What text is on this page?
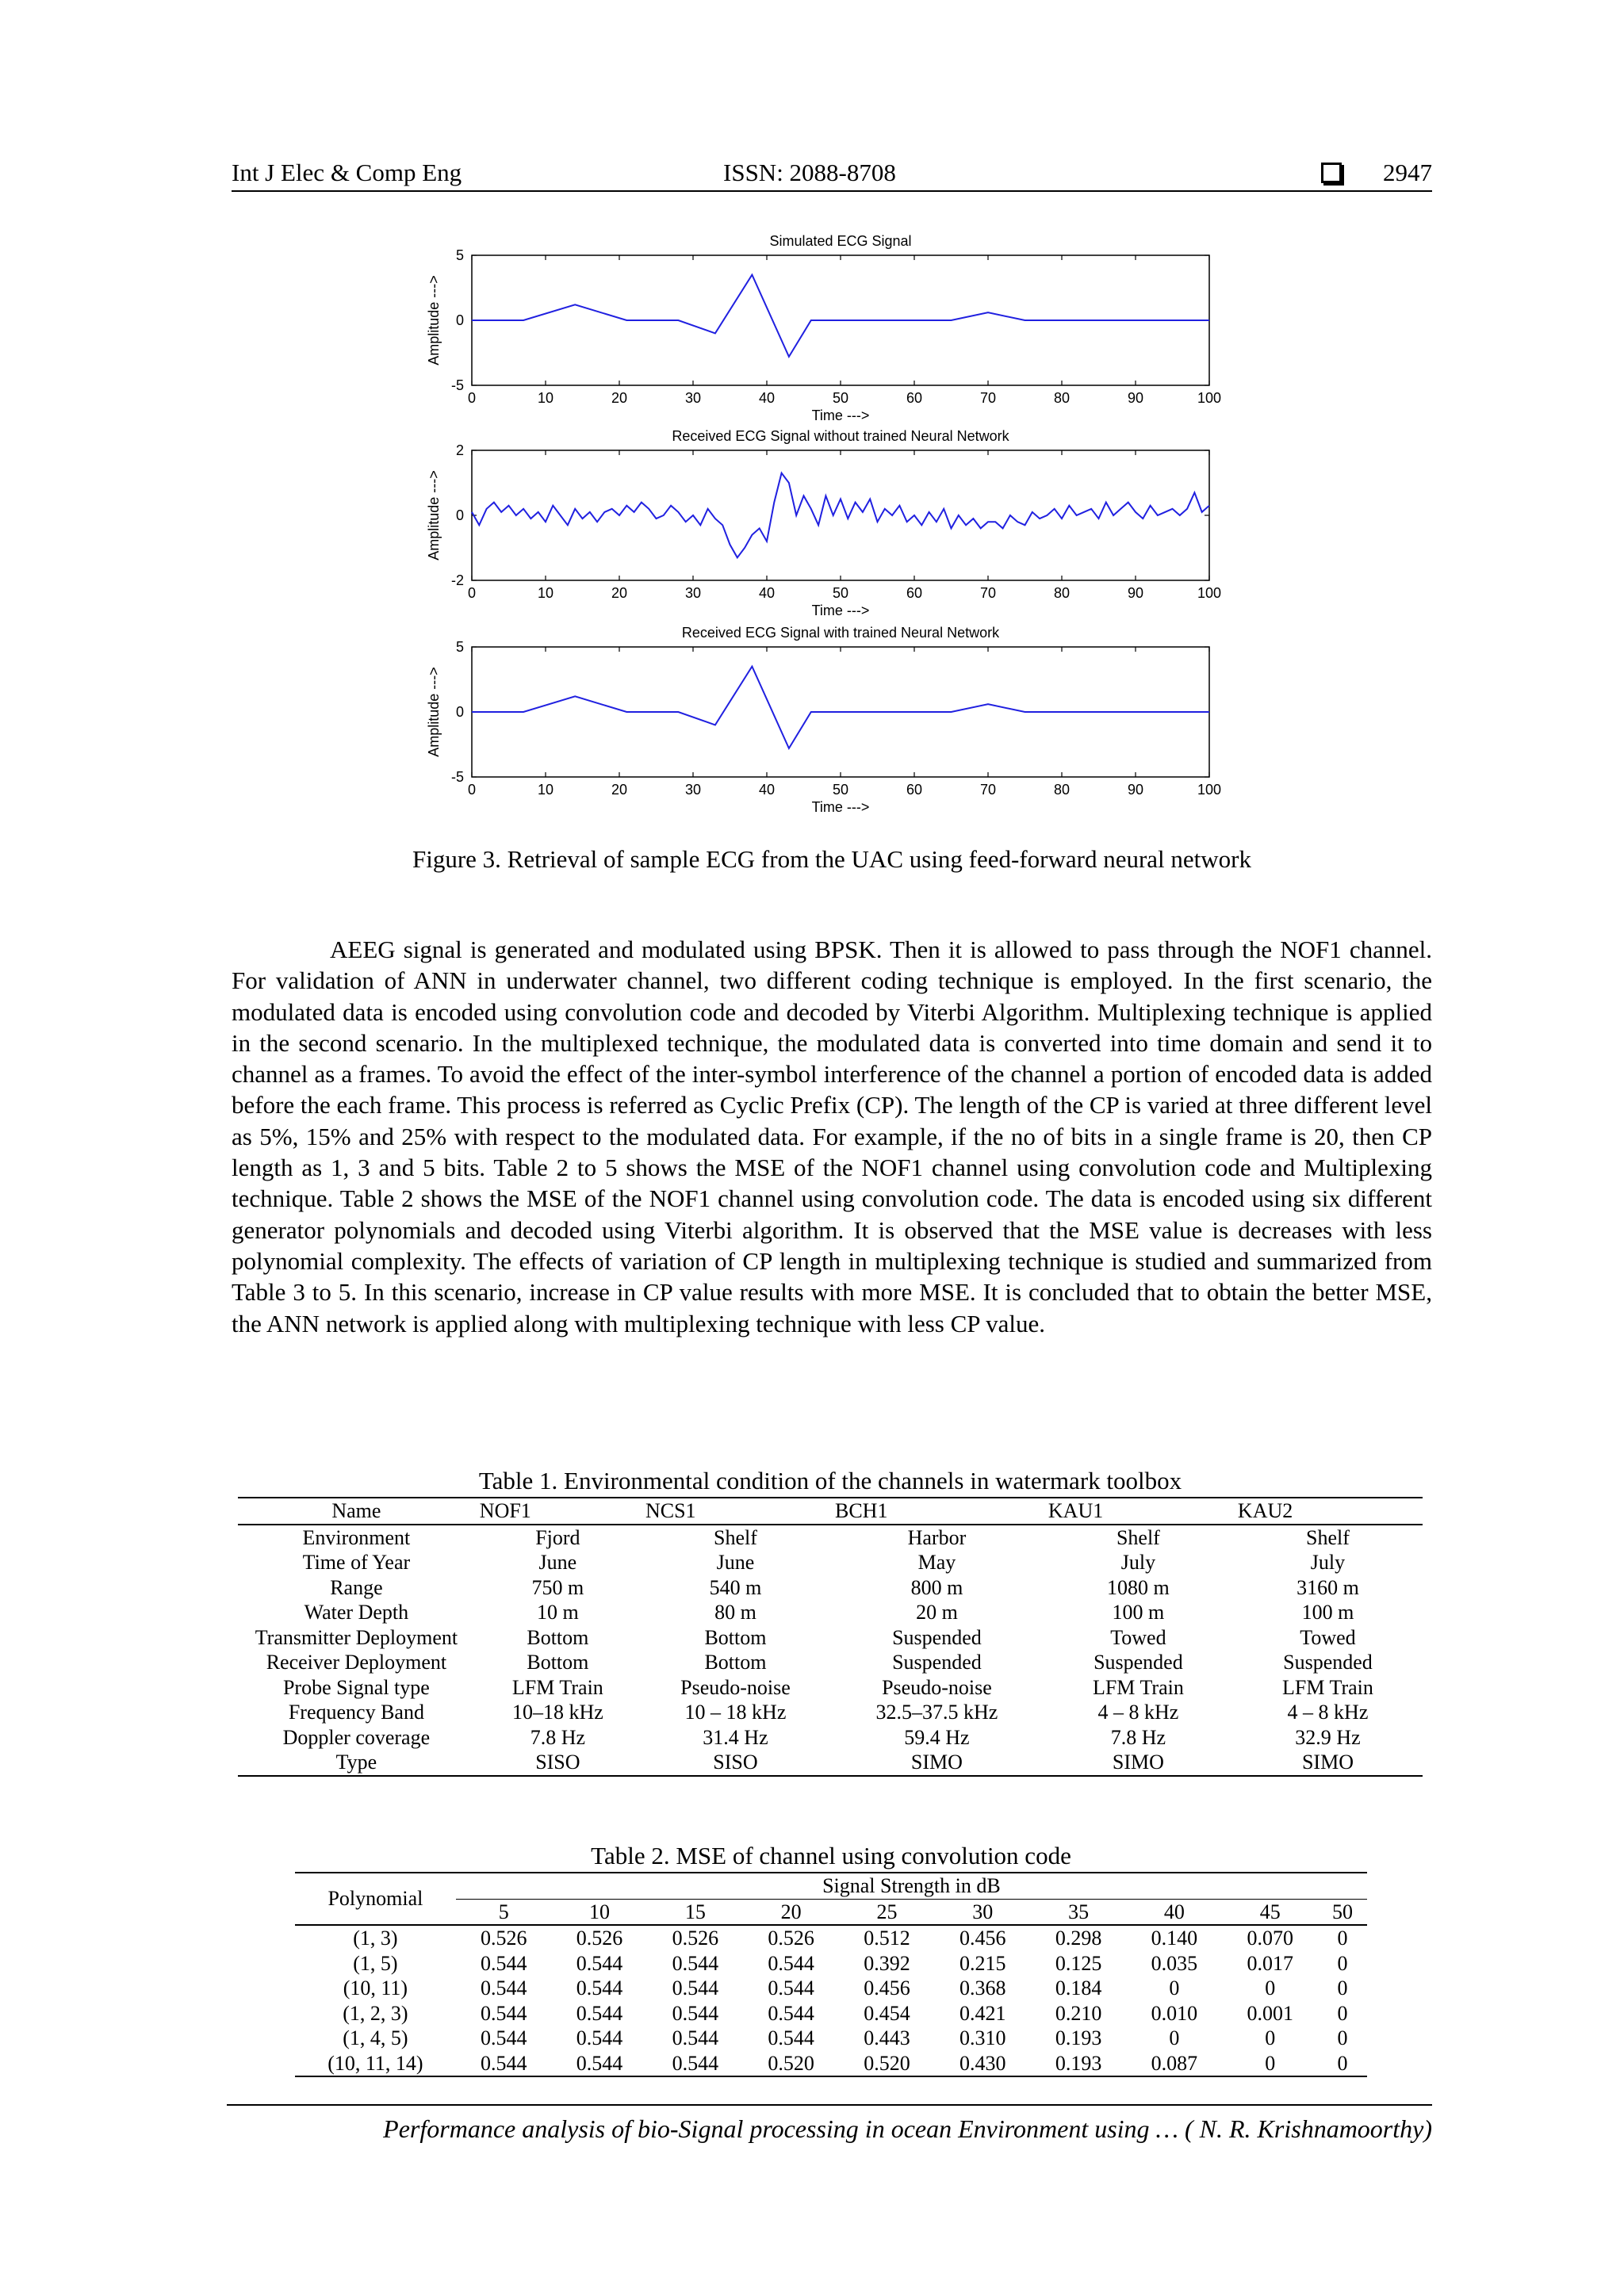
Int J Elec & Comp Eng	ISSN: 2088-8708	2947
Simulated ECG Signal
0	10	20	30	40	50	60	70	80	90	100
5
0
-5
Time --->
Amplitude --->
Received ECG Signal without trained Neural Network
0	10	20	30	40	50	60	70	80	90	100
2
0
-2
Time --->
Amplitude --->
Received ECG Signal with trained Neural Network
0	10	20	30	40	50	60	70	80	90	100
5
0
-5
Time --->
Amplitude --->
Figure 3. Retrieval of sample ECG from the UAC using feed-forward neural network

AEEG signal is generated and modulated using BPSK. Then it is allowed to pass through the NOF1 channel. For validation of ANN in underwater channel, two different coding technique is employed. In the first scenario, the modulated data is encoded using convolution code and decoded by Viterbi Algorithm. Multiplexing technique is applied in the second scenario. In the multiplexed technique, the modulated data is converted into time domain and send it to channel as a frames. To avoid the effect of the inter-symbol interference of the channel a portion of encoded data is added before the each frame. This process is referred as Cyclic Prefix (CP). The length of the CP is varied at three different level as 5%, 15% and 25% with respect to the modulated data. For example, if the no of bits in a single frame is 20, then CP length as 1, 3 and 5 bits. Table 2 to 5 shows the MSE of the NOF1 channel using convolution code and Multiplexing technique. Table 2 shows the MSE of the NOF1 channel using convolution code. The data is encoded using six different generator polynomials and decoded using Viterbi algorithm. It is observed that the MSE value is decreases with less polynomial complexity. The effects of variation of CP length in multiplexing technique is studied and summarized from Table 3 to 5. In this scenario, increase in CP value results with more MSE. It is concluded that to obtain the better MSE, the ANN network is applied along with multiplexing technique with less CP value.

Table 1. Environmental condition of the channels in watermark toolbox
Name	NOF1	NCS1	BCH1	KAU1	KAU2
Environment	Fjord	Shelf	Harbor	Shelf	Shelf
Time of Year	June	June	May	July	July
Range	750 m	540 m	800 m	1080 m	3160 m
Water Depth	10 m	80 m	20 m	100 m	100 m
Transmitter Deployment	Bottom	Bottom	Suspended	Towed	Towed
Receiver Deployment	Bottom	Bottom	Suspended	Suspended	Suspended
Probe Signal type	LFM Train	Pseudo-noise	Pseudo-noise	LFM Train	LFM Train
Frequency Band	10–18 kHz	10 – 18 kHz	32.5–37.5 kHz	4 – 8 kHz	4 – 8 kHz
Doppler coverage	7.8 Hz	31.4 Hz	59.4 Hz	7.8 Hz	32.9 Hz
Type	SISO	SISO	SIMO	SIMO	SIMO
Table 2. MSE of channel using convolution code
Polynomial	Signal Strength in dB									
	5	10	15	20	25	30	35	40	45	50
(1, 3)	0.526	0.526	0.526	0.526	0.512	0.456	0.298	0.140	0.070	0
(1, 5)	0.544	0.544	0.544	0.544	0.392	0.215	0.125	0.035	0.017	0
(10, 11)	0.544	0.544	0.544	0.544	0.456	0.368	0.184	0	0	0
(1, 2, 3)	0.544	0.544	0.544	0.544	0.454	0.421	0.210	0.010	0.001	0
(1, 4, 5)	0.544	0.544	0.544	0.544	0.443	0.310	0.193	0	0	0
(10, 11, 14)	0.544	0.544	0.544	0.520	0.520	0.430	0.193	0.087	0	0
Performance analysis of bio-Signal processing in ocean Environment using … ( N. R. Krishnamoorthy)
